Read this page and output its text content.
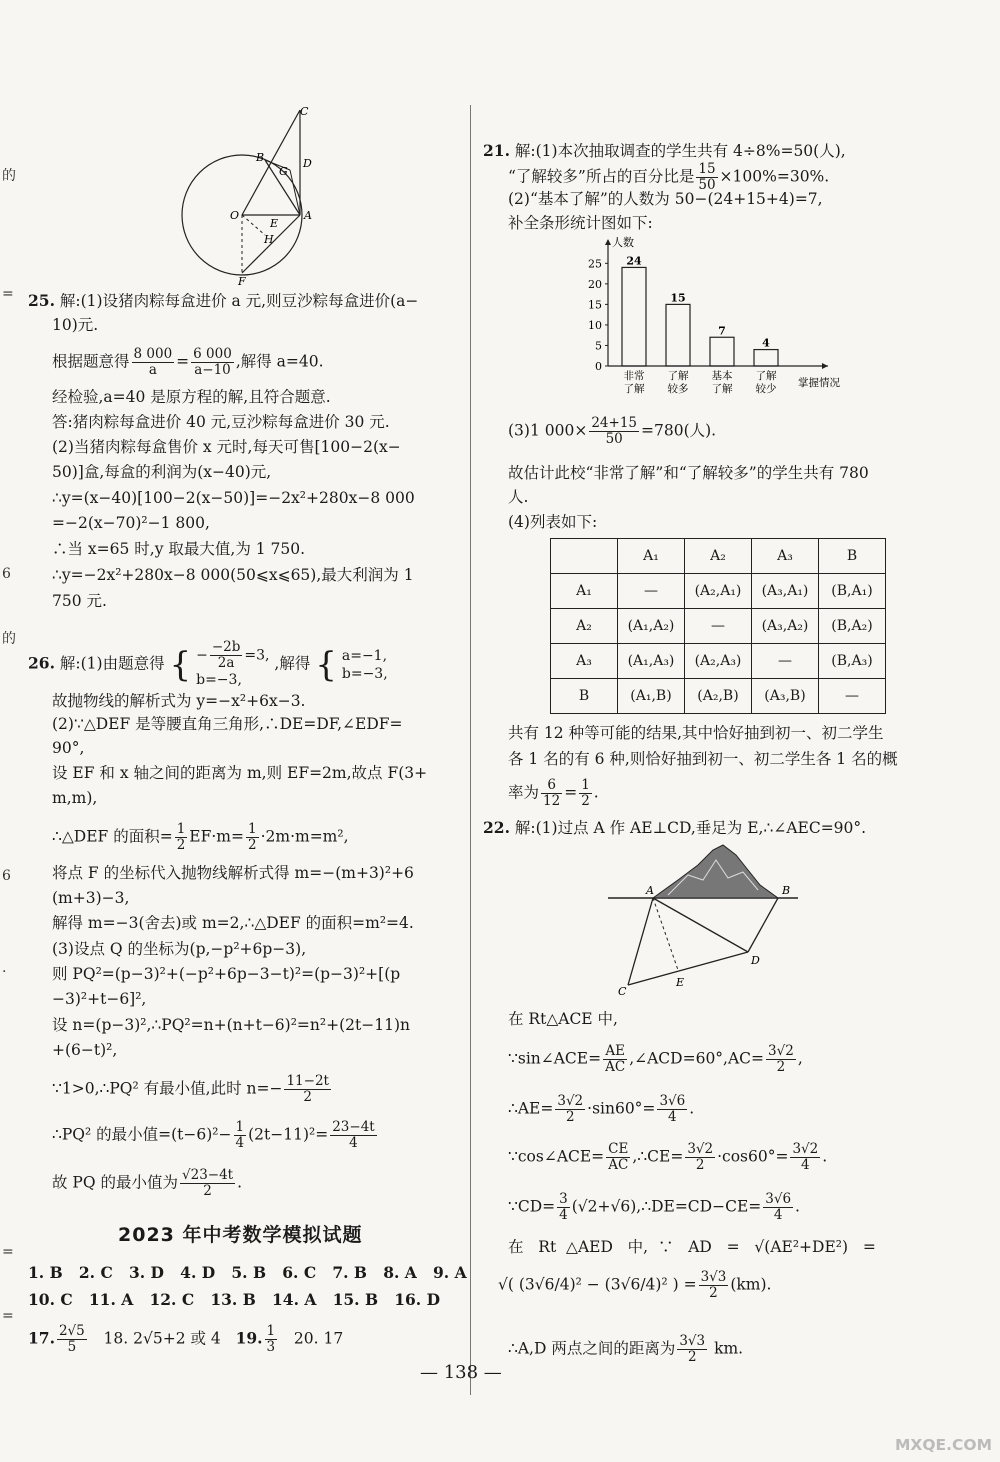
的
=
6
的
6
.
=
=
C
B
G
D
O
E
A
H
F
25. 解:(1)设猪肉粽每盒进价 a 元,则豆沙粽每盒进价(a−
10)元.
根据题意得 $\frac{8 000}{a} = \frac{6 000}{a-10}$ ,解得 a=40.
经检验,a=40 是原方程的解,且符合题意.
答:猪肉粽每盒进价 40 元,豆沙粽每盒进价 30 元.
(2)当猪肉粽每盒售价 x 元时,每天可售[100−2(x−
50)]盒,每盒的利润为(x−40)元,
∴y=(x−40)[100−2(x−50)]=−2x²+280x−8 000
=−2(x−70)²−1 800,
∴当 x=65 时,y 取最大值,为 1 750.
∴y=−2x²+280x−8 000(50⩽x⩽65),最大利润为 1
750 元.
26. 解:(1)由题意得 { − $\frac{-2b}{2a} =3$,
b=−3,
,解得 { a=−1,
b=−3,
故抛物线的解析式为 y=−x²+6x−3.
(2)∵△DEF 是等腰直角三角形,∴DE=DF,∠EDF=
90°,
设 EF 和 x 轴之间的距离为 m,则 EF=2m,故点 F(3+
m,m),
∴△DEF 的面积= $\frac{1}{2} EF\cdot m= \frac{1}{2} \cdot 2m\cdot m=m^2$,
将点 F 的坐标代入抛物线解析式得 m=−(m+3)²+6
(m+3)−3,
解得 m=−3(舍去)或 m=2,∴△DEF 的面积=m²=4.
(3)设点 Q 的坐标为(p,−p²+6p−3),
则 PQ²=(p−3)²+(−p²+6p−3−t)²=(p−3)²+[(p
−3)²+t−6]²,
设 n=(p−3)²,∴PQ²=n+(n+t−6)²=n²+(2t−11)n
+(6−t)²,
∵1>0,∴PQ² 有最小值,此时 $n=- \frac{11-2t}{2}$
∴PQ² 的最小值$=(t-6)^2- \frac{1}{4} (2t-11)^2= \frac{23-4t}{4}$
故 PQ 的最小值为 $\frac{√23-4t}{2}$ .
2023 年中考数学模拟试题
1. B   2. C   3. D   4. D   5. B   6. C   7. B   8. A   9. A
10. C   11. A   12. C   13. B   14. A   15. B   16. D
17. $\frac{2√5}{5} 18$. 2√5+2 或 4 19. $\frac{1}{3} 20$. 17
21. 解:(1)本次抽取调查的学生共有 4÷8%=50(人),
“了解较多”所占的百分比是 $\frac{15}{50} \times 100\%=30\%$.
(2)“基本了解”的人数为 50−(24+15+4)=7,
补全条形统计图如下:
人数
0
5
10
15
20
25 24
非常
了解
15
了解
较多
7
基本
了解
4
了解
较少 掌握情况
(3)1 $000\times \frac{24+15}{50} =780$(人).
故估计此校“非常了解”和“了解较多”的学生共有 780
人.
(4)列表如下:
	A₁	A₂	A₃	B
A₁	—	(A₂,A₁)	(A₃,A₁)	(B,A₁)
A₂	(A₁,A₂)	—	(A₃,A₂)	(B,A₂)
A₃	(A₁,A₃)	(A₂,A₃)	—	(B,A₃)
B	(A₁,B)	(A₂,B)	(A₃,B)	—
共有 12 种等可能的结果,其中恰好抽到初一、初二学生
各 1 名的有 6 种,则恰好抽到初一、初二学生各 1 名的概
率为 $\frac{6}{12} = \frac{1}{2}$ .
22. 解:(1)过点 A 作 AE⊥CD,垂足为 E,∴∠AEC=90°.
A	B
C
E
D
在 Rt△ACE 中,
∵sin∠ACE= $\frac{AE}{AC}$ ,∠ACD=60°,AC= $\frac{3√2}{2}$ ,
∴AE= $\frac{3√2}{2} \cdot\sin 60^\circ= \frac{3√6}{4}$ .
∵cos∠ACE= $\frac{CE}{AC}$ ,∴CE= $\frac{3√2}{2} \cdot\cos 60^\circ= \frac{3√2}{4}$ .
∵CD= $\frac{3}{4}$ (√2+√6),∴DE=CD−CE= $\frac{3√6}{4}$ .
在   Rt  △AED   中,  ∵   AD   =   √(AE²+DE²)   =
√( (3√6/4)² − (3√6/4)² ) = $\frac{3√3}{2} (km)$.
∴A,D 两点之间的距离为 $\frac{3√3}{2}$ km.
— 138 —
MXQE.COM
